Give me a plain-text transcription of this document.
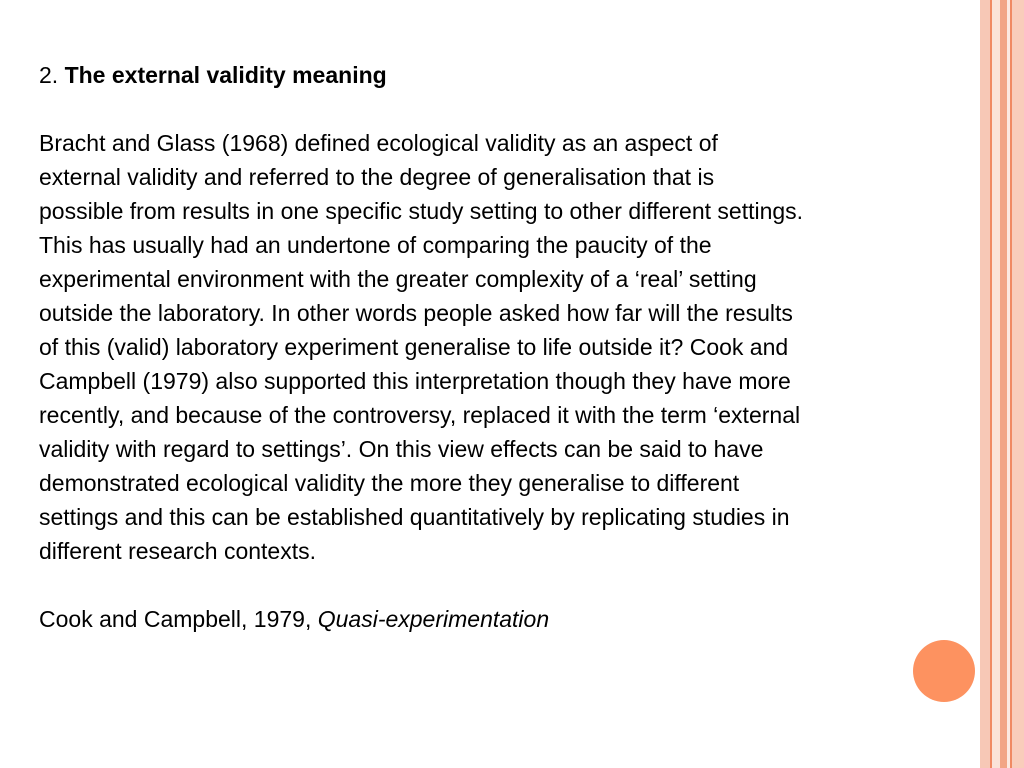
2. The external validity meaning

Bracht and Glass (1968) defined ecological validity as an aspect of
external validity and referred to the degree of generalisation that is
possible from results in one specific study setting to other different settings.
This has usually had an undertone of comparing the paucity of the
experimental environment with the greater complexity of a ‘real’ setting
outside the laboratory. In other words people asked how far will the results
of this (valid) laboratory experiment generalise to life outside it? Cook and
Campbell (1979) also supported this interpretation though they have more
recently, and because of the controversy, replaced it with the term ‘external
validity with regard to settings’. On this view effects can be said to have
demonstrated ecological validity the more they generalise to different
settings and this can be established quantitatively by replicating studies in
different research contexts.

Cook and Campbell, 1979, Quasi-experimentation
